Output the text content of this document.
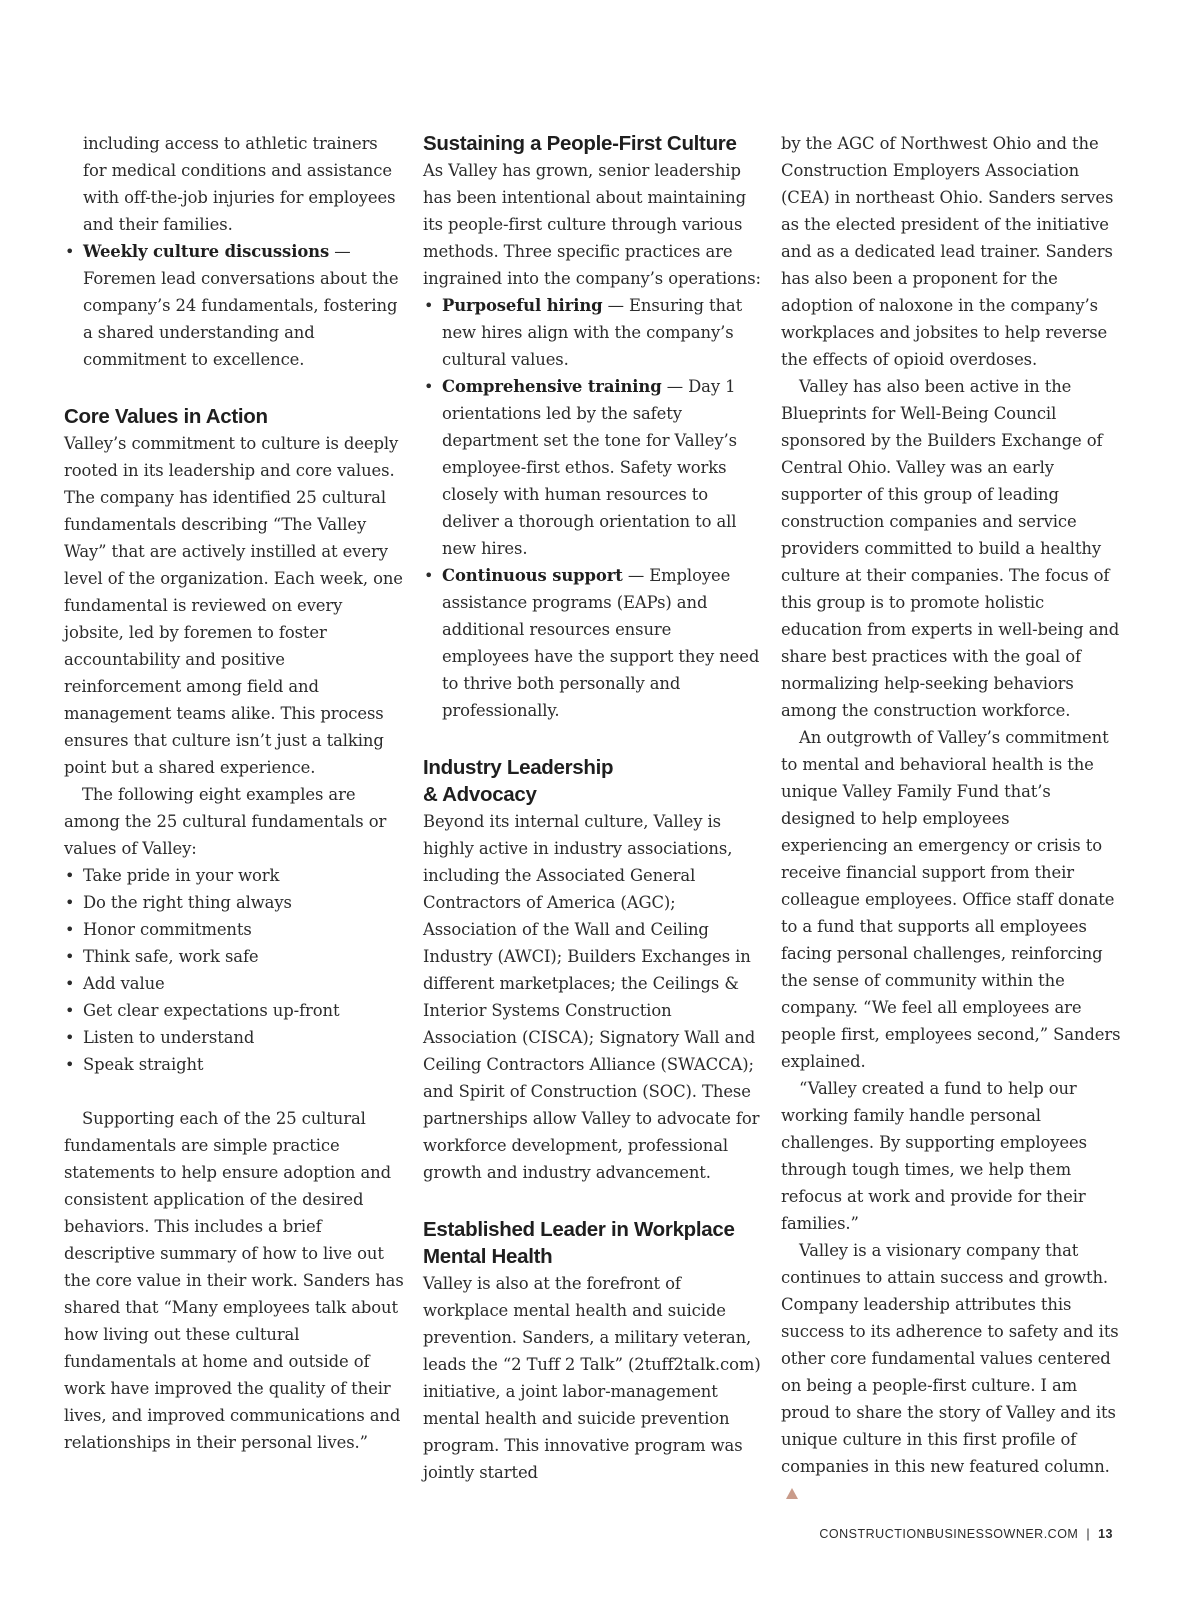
including access to athletic trainers for medical conditions and assistance with off-the-job injuries for employees and their families.

• Weekly culture discussions — Foremen lead conversations about the company’s 24 fundamentals, fostering a shared understanding and commitment to excellence.
Core Values in Action

Valley’s commitment to culture is deeply rooted in its leadership and core values. The company has identified 25 cultural fundamentals describing “The Valley Way” that are actively instilled at every level of the organization. Each week, one fundamental is reviewed on every jobsite, led by foremen to foster accountability and positive reinforcement among field and management teams alike. This process ensures that culture isn’t just a talking point but a shared experience.

The following eight examples are among the 25 cultural fundamentals or values of Valley:

• Take pride in your work
• Do the right thing always
• Honor commitments
• Think safe, work safe
• Add value
• Get clear expectations up-front
• Listen to understand
• Speak straight

Supporting each of the 25 cultural fundamentals are simple practice statements to help ensure adoption and consistent application of the desired behaviors. This includes a brief descriptive summary of how to live out the core value in their work. Sanders has shared that “Many employees talk about how living out these cultural fundamentals at home and outside of work have improved the quality of their lives, and improved communications and relationships in their personal lives.”

Sustaining a People-First Culture

As Valley has grown, senior leadership has been intentional about maintaining its people-first culture through various methods. Three specific practices are ingrained into the company’s operations:

• Purposeful hiring — Ensuring that new hires align with the company’s cultural values.
• Comprehensive training — Day 1 orientations led by the safety department set the tone for Valley’s employee-first ethos. Safety works closely with human resources to deliver a thorough orientation to all new hires.
• Continuous support — Employee assistance programs (EAPs) and additional resources ensure employees have the support they need to thrive both personally and professionally.
Industry Leadership
& Advocacy

Beyond its internal culture, Valley is highly active in industry associations, including the Associated General Contractors of America (AGC); Association of the Wall and Ceiling Industry (AWCI); Builders Exchanges in different marketplaces; the Ceilings & Interior Systems Construction Association (CISCA); Signatory Wall and Ceiling Contractors Alliance (SWACCA); and Spirit of Construction (SOC). These partnerships allow Valley to advocate for workforce development, professional growth and industry advancement.

Established Leader in Workplace
Mental Health

Valley is also at the forefront of workplace mental health and suicide prevention. Sanders, a military veteran, leads the “2 Tuff 2 Talk” (2tuff2talk.com) initiative, a joint labor-management mental health and suicide prevention program. This innovative program was jointly started

by the AGC of Northwest Ohio and the Construction Employers Association (CEA) in northeast Ohio. Sanders serves as the elected president of the initiative and as a dedicated lead trainer. Sanders has also been a proponent for the adoption of naloxone in the company’s workplaces and jobsites to help reverse the effects of opioid overdoses.

Valley has also been active in the Blueprints for Well-Being Council sponsored by the Builders Exchange of Central Ohio. Valley was an early supporter of this group of leading construction companies and service providers committed to build a healthy culture at their companies. The focus of this group is to promote holistic education from experts in well-being and share best practices with the goal of normalizing help-seeking behaviors among the construction workforce.

An outgrowth of Valley’s commitment to mental and behavioral health is the unique Valley Family Fund that’s designed to help employees experiencing an emergency or crisis to receive financial support from their colleague employees. Office staff donate to a fund that supports all employees facing personal challenges, reinforcing the sense of community within the company. “We feel all employees are people first, employees second,” Sanders explained.

“Valley created a fund to help our working family handle personal challenges. By supporting employees through tough times, we help them refocus at work and provide for their families.”

Valley is a visionary company that continues to attain success and growth. Company leadership attributes this success to its adherence to safety and its other core fundamental values centered on being a people-first culture. I am proud to share the story of Valley and its unique culture in this first profile of companies in this new featured column.

CONSTRUCTIONBUSINESSOWNER.COM | 13
